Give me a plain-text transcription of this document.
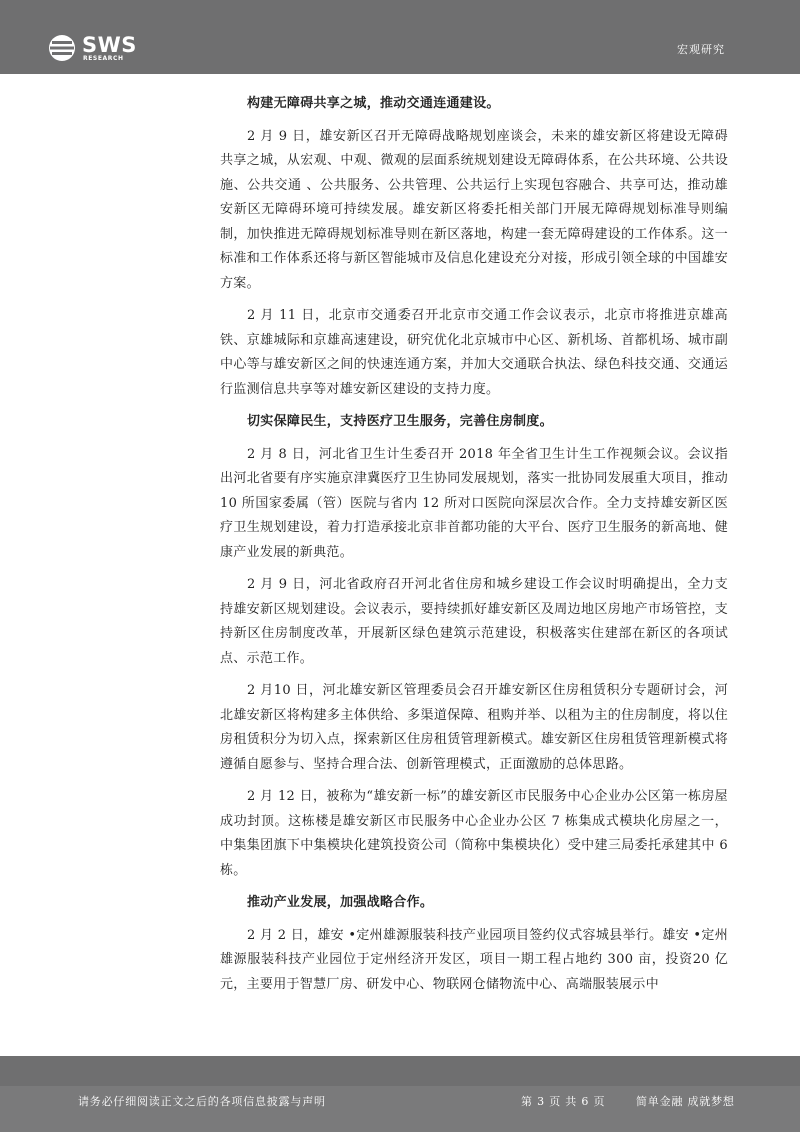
SWS
RESEARCH
宏观研究

构建无障碍共享之城，推动交通连通建设。

2 月 9 日，雄安新区召开无障碍战略规划座谈会，未来的雄安新区将建设无障碍共享之城，从宏观、中观、微观的层面系统规划建设无障碍体系，在公共环境、公共设施、公共交通 、公共服务、公共管理、公共运行上实现包容融合、共享可达，推动雄安新区无障碍环境可持续发展。雄安新区将委托相关部门开展无障碍规划标准导则编制，加快推进无障碍规划标准导则在新区落地，构建一套无障碍建设的工作体系。这一标准和工作体系还将与新区智能城市及信息化建设充分对接，形成引领全球的中国雄安方案。

2 月 11 日，北京市交通委召开北京市交通工作会议表示，北京市将推进京雄高铁、京雄城际和京雄高速建设，研究优化北京城市中心区、新机场、首都机场、城市副中心等与雄安新区之间的快速连通方案，并加大交通联合执法、绿色科技交通、交通运行监测信息共享等对雄安新区建设的支持力度。

切实保障民生，支持医疗卫生服务，完善住房制度。

2 月 8 日，河北省卫生计生委召开 2018 年全省卫生计生工作视频会议。会议指出河北省要有序实施京津冀医疗卫生协同发展规划，落实一批协同发展重大项目，推动 10 所国家委属（管）医院与省内 12 所对口医院向深层次合作。全力支持雄安新区医疗卫生规划建设，着力打造承接北京非首都功能的大平台、医疗卫生服务的新高地、健康产业发展的新典范。

2 月 9 日，河北省政府召开河北省住房和城乡建设工作会议时明确提出，全力支持雄安新区规划建设。会议表示，要持续抓好雄安新区及周边地区房地产市场管控，支持新区住房制度改革，开展新区绿色建筑示范建设，积极落实住建部在新区的各项试点、示范工作。

2 月10 日，河北雄安新区管理委员会召开雄安新区住房租赁积分专题研讨会，河北雄安新区将构建多主体供给、多渠道保障、租购并举、以租为主的住房制度，将以住房租赁积分为切入点，探索新区住房租赁管理新模式。雄安新区住房租赁管理新模式将遵循自愿参与、坚持合理合法、创新管理模式，正面激励的总体思路。

2 月 12 日，被称为“雄安新一标”的雄安新区市民服务中心企业办公区第一栋房屋成功封顶。这栋楼是雄安新区市民服务中心企业办公区 7 栋集成式模块化房屋之一，中集集团旗下中集模块化建筑投资公司（简称中集模块化）受中建三局委托承建其中 6 栋。

推动产业发展，加强战略合作。

2 月 2 日，雄安 •定州雄源服装科技产业园项目签约仪式容城县举行。雄安 •定州雄源服装科技产业园位于定州经济开发区，项目一期工程占地约 300 亩，投资20 亿元，主要用于智慧厂房、研发中心、物联网仓储物流中心、高端服装展示中

请务必仔细阅读正文之后的各项信息披露与声明	第 3 页 共 6 页	简单金融 成就梦想
